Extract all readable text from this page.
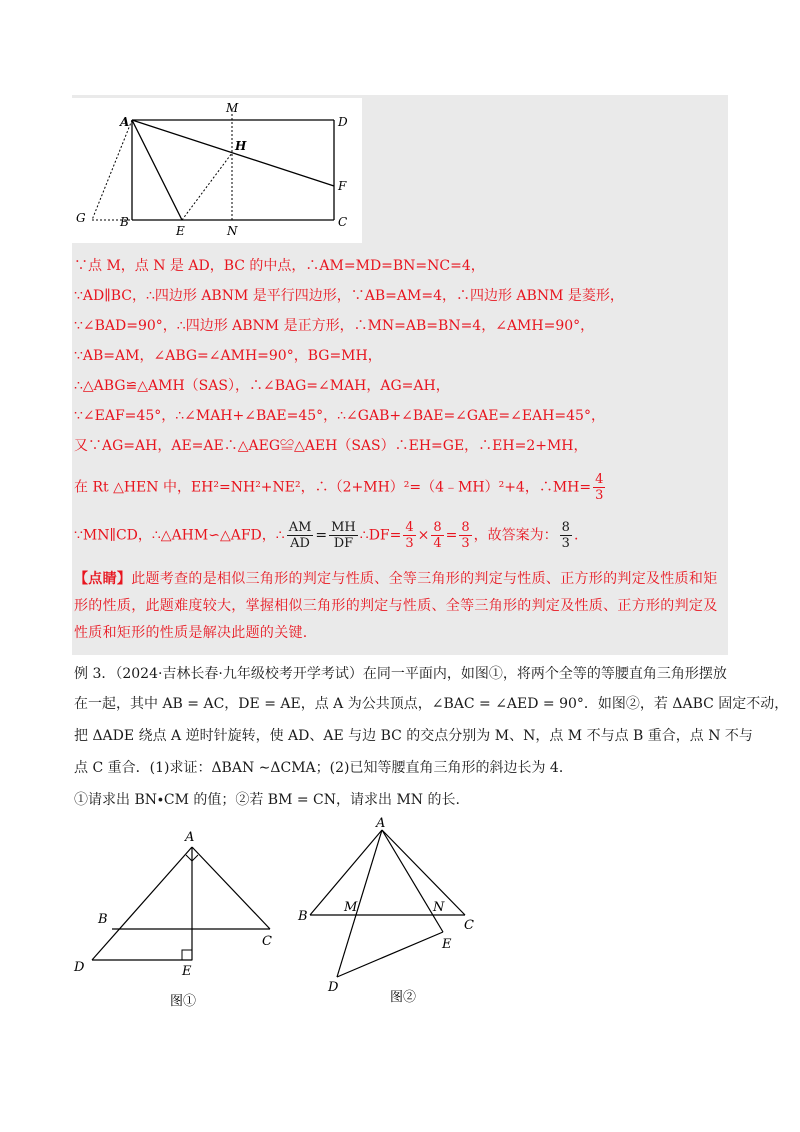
A
M
D
H
F
G	B
E	N
C
∵点 M，点 N 是 AD，BC 的中点，∴AM=MD=BN=NC=4，
∵AD∥BC，∴四边形 ABNM 是平行四边形，∵AB=AM=4，∴四边形 ABNM 是菱形，
∵∠BAD=90°，∴四边形 ABNM 是正方形，∴MN=AB=BN=4，∠AMH=90°，
∵AB=AM，∠ABG=∠AMH=90°，BG=MH，
∴△ABG≌△AMH（SAS），∴∠BAG=∠MAH，AG=AH，
∵∠EAF=45°，∴∠MAH+∠BAE=45°，∴∠GAB+∠BAE=∠GAE=∠EAH=45°，
又∵AG=AH，AE=AE∴△AEG≌△AEH（SAS）∴EH=GE，∴EH=2+MH，
在 Rt △HEN 中，EH²=NH²+NE²，∴（2+MH）²=（4﹣MH）²+4，∴MH= $\frac{4}{3}$
∵MN∥CD，∴△AHM∽△AFD，∴ $\frac{AM}{AD} = \frac{MH}{DF}$ ∴DF= $\frac{4}{3} \times \frac{8}{4} = \frac{8}{3}$ ，故答案为： $\frac{8}{3}$ .
【点睛】此题考查的是相似三角形的判定与性质、全等三角形的判定与性质、正方形的判定及性质和矩形的性质，此题难度较大，掌握相似三角形的判定与性质、全等三角形的判定及性质、正方形的判定及性质和矩形的性质是解决此题的关键.
例 3．（2024·吉林长春·九年级校考开学考试）在同一平面内，如图①，将两个全等的等腰直角三角形摆放
在一起，其中 AB = AC，DE = AE，点 A 为公共顶点，∠BAC = ∠AED = 90°．如图②，若 ΔABC 固定不动，
把 ΔADE 绕点 A 逆时针旋转，使 AD、AE 与边 BC 的交点分别为 M、N，点 M 不与点 B 重合，点 N 不与
点 C 重合．(1)求证：ΔBAN ∼ΔCMA；(2)已知等腰直角三角形的斜边长为 4．
①请求出 BN∙CM 的值；②若 BM = CN，请求出 MN 的长.
A
B
C
D	E
图①
A
B
M	N
C
E
D
图②
